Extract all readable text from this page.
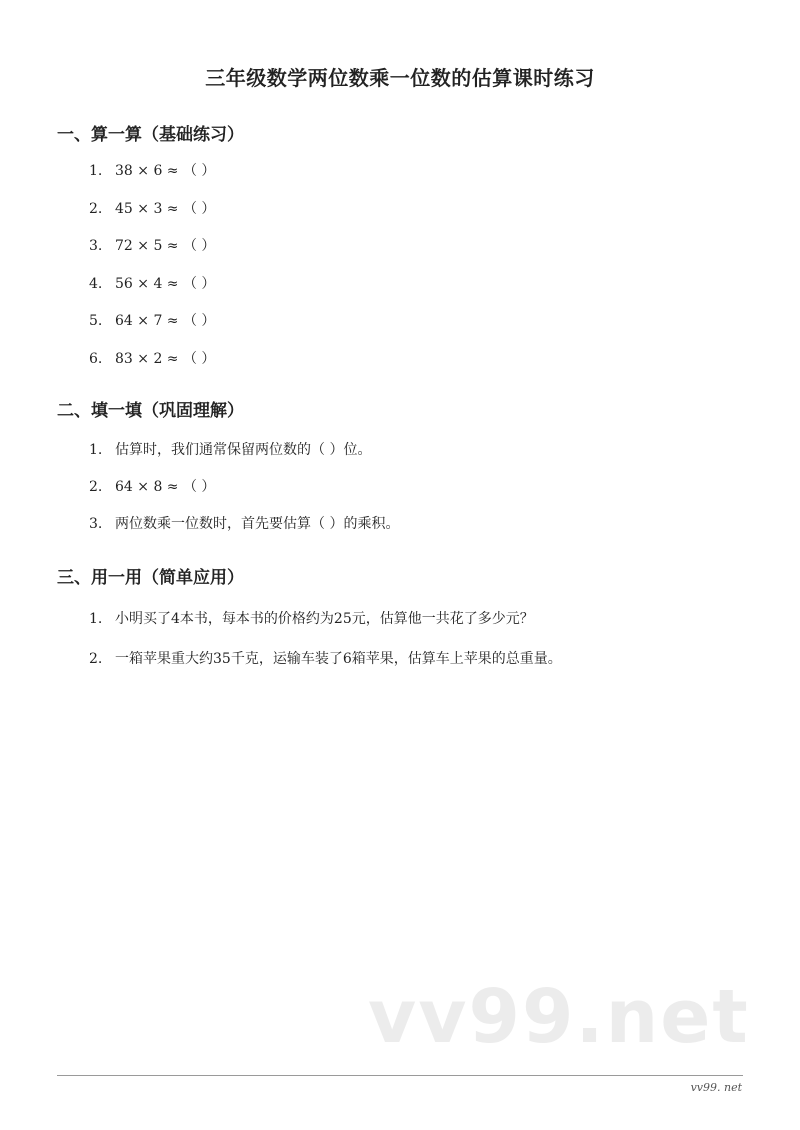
三年级数学两位数乘一位数的估算课时练习
一、算一算（基础练习）
1. 38 × 6 ≈ （ ）
2. 45 × 3 ≈ （ ）
3. 72 × 5 ≈ （ ）
4. 56 × 4 ≈ （ ）
5. 64 × 7 ≈ （ ）
6. 83 × 2 ≈ （ ）
二、填一填（巩固理解）
1. 估算时，我们通常保留两位数的（ ）位。
2. 64 × 8 ≈ （ ）
3. 两位数乘一位数时，首先要估算（ ）的乘积。
三、用一用（简单应用）
1. 小明买了4本书，每本书的价格约为25元，估算他一共花了多少元？
2. 一箱苹果重大约35千克，运输车装了6箱苹果，估算车上苹果的总重量。
vv99.net
vv99. net
